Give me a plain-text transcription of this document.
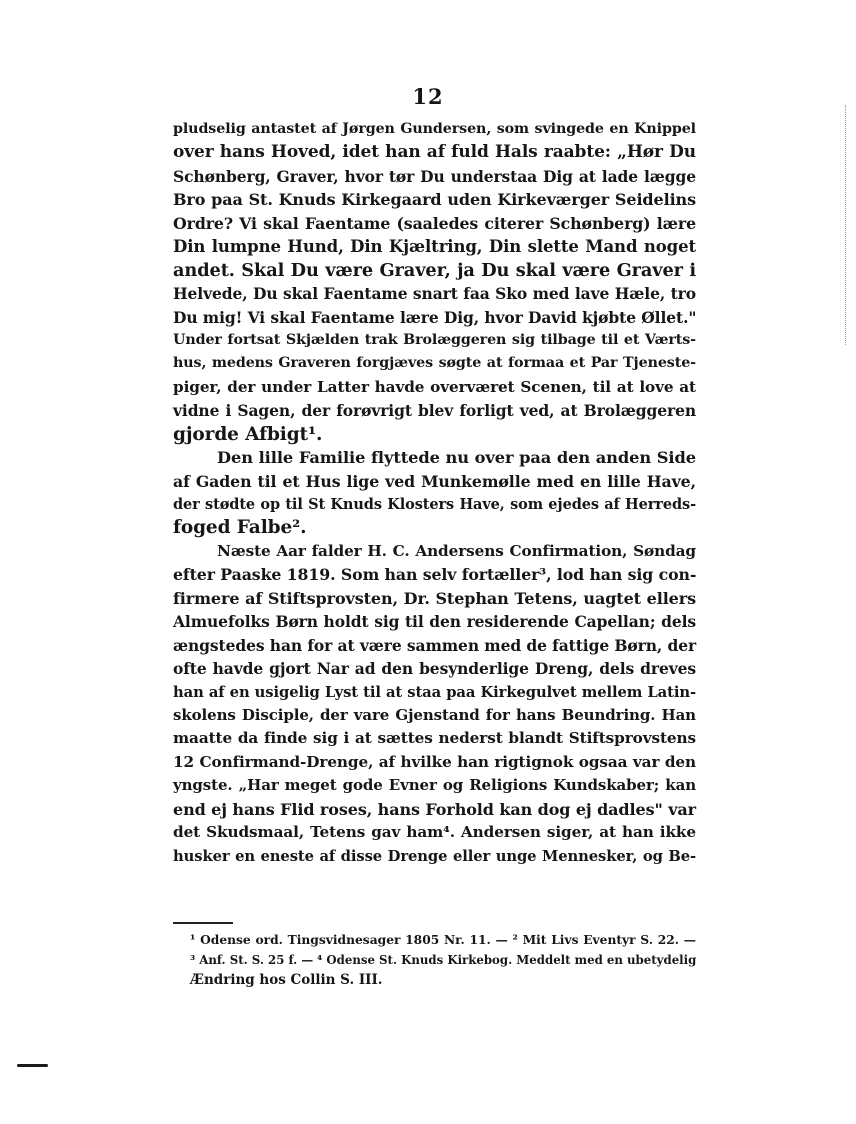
12
pludselig antastet af Jørgen Gundersen, som svingede en Knippel
over hans Hoved, idet han af fuld Hals raabte: „Hør Du
Schønberg, Graver, hvor tør Du understaa Dig at lade lægge
Bro paa St. Knuds Kirkegaard uden Kirkeværger Seidelins
Ordre? Vi skal Faentame (saaledes citerer Schønberg) lære
Din lumpne Hund, Din Kjæltring, Din slette Mand noget
andet. Skal Du være Graver, ja Du skal være Graver i
Helvede, Du skal Faentame snart faa Sko med lave Hæle, tro
Du mig! Vi skal Faentame lære Dig, hvor David kjøbte Øllet."
Under fortsat Skjælden trak Brolæggeren sig tilbage til et Værts-
hus, medens Graveren forgjæves søgte at formaa et Par Tjeneste-
piger, der under Latter havde overværet Scenen, til at love at
vidne i Sagen, der forøvrigt blev forligt ved, at Brolæggeren
gjorde Afbigt¹.
Den lille Familie flyttede nu over paa den anden Side
af Gaden til et Hus lige ved Munkemølle med en lille Have,
der stødte op til St Knuds Klosters Have, som ejedes af Herreds-
foged Falbe².
Næste Aar falder H. C. Andersens Confirmation, Søndag
efter Paaske 1819. Som han selv fortæller³, lod han sig con-
firmere af Stiftsprovsten, Dr. Stephan Tetens, uagtet ellers
Almuefolks Børn holdt sig til den residerende Capellan; dels
ængstedes han for at være sammen med de fattige Børn, der
ofte havde gjort Nar ad den besynderlige Dreng, dels dreves
han af en usigelig Lyst til at staa paa Kirkegulvet mellem Latin-
skolens Disciple, der vare Gjenstand for hans Beundring. Han
maatte da finde sig i at sættes nederst blandt Stiftsprovstens
12 Confirmand-Drenge, af hvilke han rigtignok ogsaa var den
yngste. „Har meget gode Evner og Religions Kundskaber; kan
end ej hans Flid roses, hans Forhold kan dog ej dadles" var
det Skudsmaal, Tetens gav ham⁴. Andersen siger, at han ikke
husker en eneste af disse Drenge eller unge Mennesker, og Be-
¹ Odense ord. Tingsvidnesager 1805 Nr. 11. — ² Mit Livs Eventyr S. 22. —
³ Anf. St. S. 25 f. — ⁴ Odense St. Knuds Kirkebog. Meddelt med en ubetydelig
Ændring hos Collin S. III.
